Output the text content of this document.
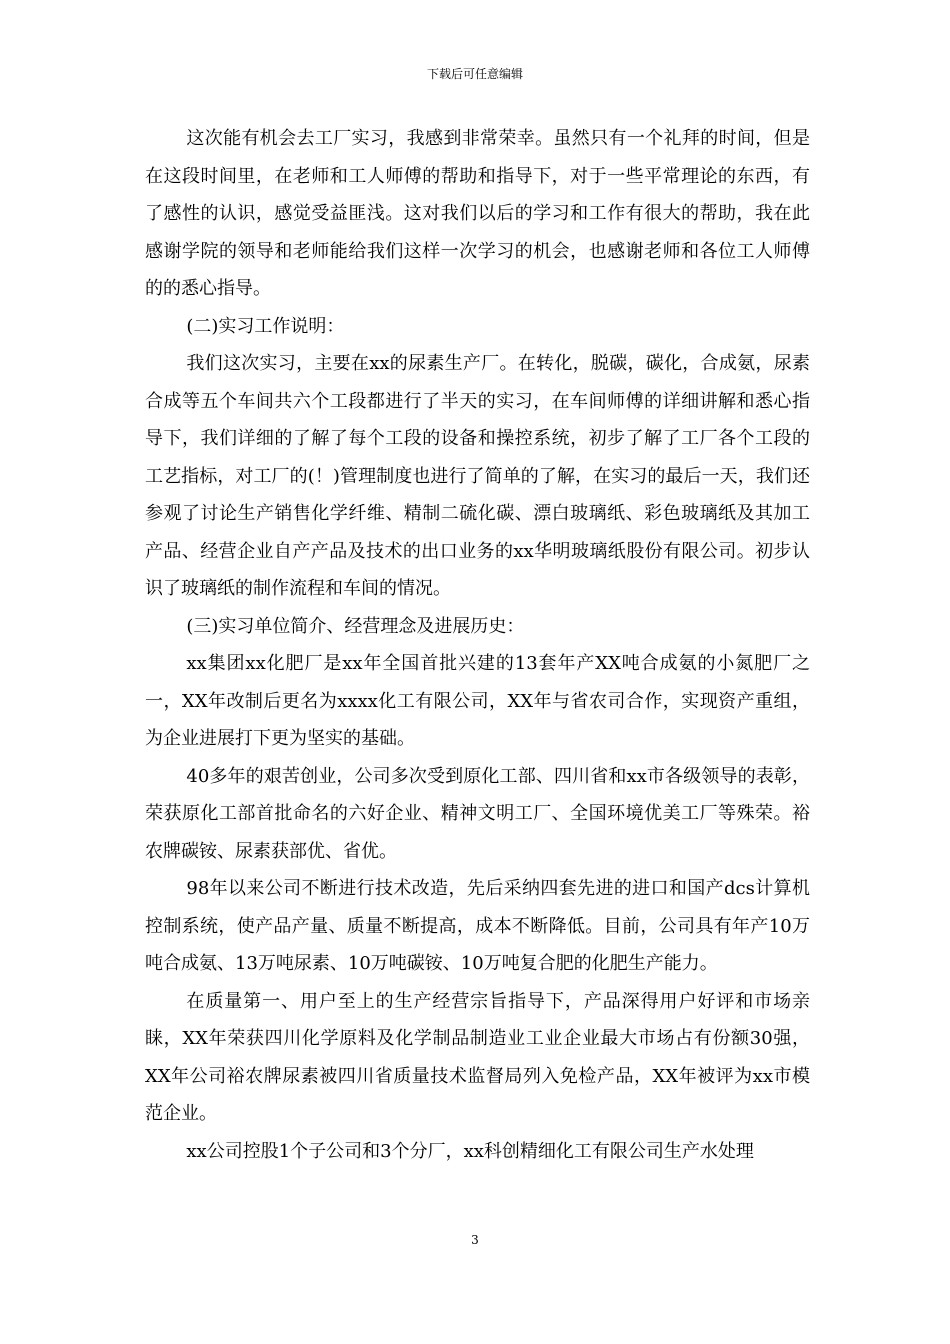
下载后可任意编辑

这次能有机会去工厂实习，我感到非常荣幸。虽然只有一个礼拜的时间，但是在这段时间里，在老师和工人师傅的帮助和指导下，对于一些平常理论的东西，有了感性的认识，感觉受益匪浅。这对我们以后的学习和工作有很大的帮助，我在此感谢学院的领导和老师能给我们这样一次学习的机会，也感谢老师和各位工人师傅的的悉心指导。

(二)实习工作说明：

我们这次实习，主要在xx的尿素生产厂。在转化，脱碳，碳化，合成氨，尿素合成等五个车间共六个工段都进行了半天的实习，在车间师傅的详细讲解和悉心指导下，我们详细的了解了每个工段的设备和操控系统，初步了解了工厂各个工段的工艺指标，对工厂的(！)管理制度也进行了简单的了解，在实习的最后一天，我们还参观了讨论生产销售化学纤维、精制二硫化碳、漂白玻璃纸、彩色玻璃纸及其加工产品、经营企业自产产品及技术的出口业务的xx华明玻璃纸股份有限公司。初步认识了玻璃纸的制作流程和车间的情况。

(三)实习单位简介、经营理念及进展历史：

xx集团xx化肥厂是xx年全国首批兴建的13套年产XX吨合成氨的小氮肥厂之一，XX年改制后更名为xxxx化工有限公司，XX年与省农司合作，实现资产重组，为企业进展打下更为坚实的基础。

40多年的艰苦创业，公司多次受到原化工部、四川省和xx市各级领导的表彰，荣获原化工部首批命名的六好企业、精神文明工厂、全国环境优美工厂等殊荣。裕农牌碳铵、尿素获部优、省优。

98年以来公司不断进行技术改造，先后采纳四套先进的进口和国产dcs计算机控制系统，使产品产量、质量不断提高，成本不断降低。目前，公司具有年产10万吨合成氨、13万吨尿素、10万吨碳铵、10万吨复合肥的化肥生产能力。

在质量第一、用户至上的生产经营宗旨指导下，产品深得用户好评和市场亲睐，XX年荣获四川化学原料及化学制品制造业工业企业最大市场占有份额30强，XX年公司裕农牌尿素被四川省质量技术监督局列入免检产品，XX年被评为xx市模范企业。

xx公司控股1个子公司和3个分厂，xx科创精细化工有限公司生产水处理

3
